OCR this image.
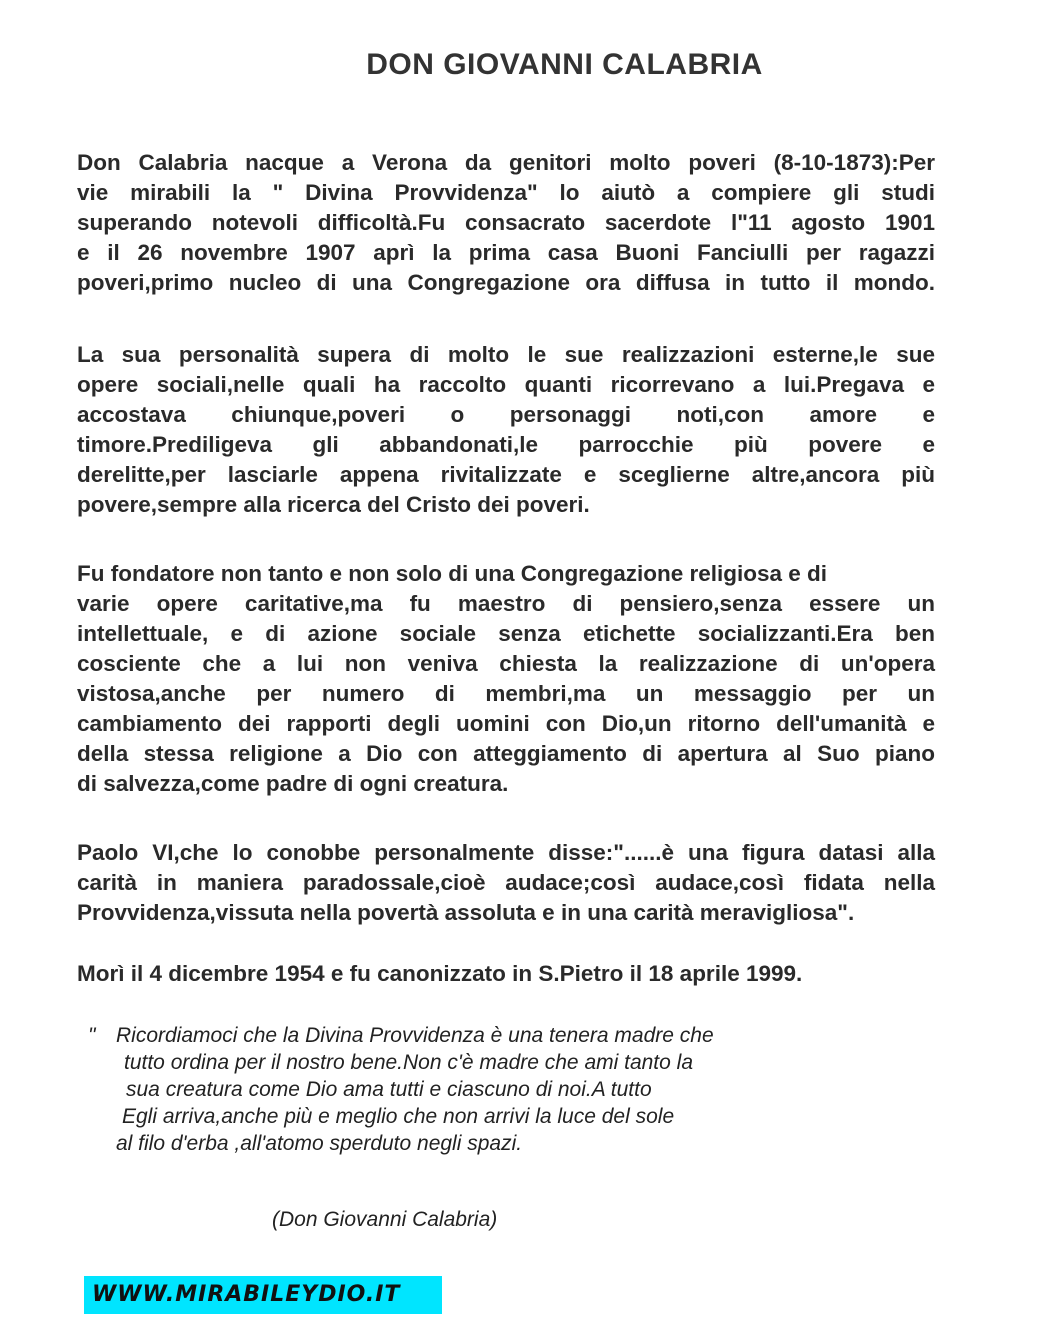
DON GIOVANNI CALABRIA
Don Calabria nacque a Verona da genitori molto poveri (8-10-1873):Per
vie mirabili la " Divina Provvidenza" lo aiutò a compiere gli studi
superando notevoli difficoltà.Fu consacrato sacerdote l"11 agosto 1901
e il 26 novembre 1907 aprì la prima casa Buoni Fanciulli per ragazzi
poveri,primo nucleo di una Congregazione ora diffusa in tutto il mondo.
La sua personalità supera di molto le sue realizzazioni esterne,le sue
opere sociali,nelle quali ha raccolto quanti ricorrevano a lui.Pregava e
accostava chiunque,poveri o personaggi noti,con amore e
timore.Prediligeva gli abbandonati,le parrocchie più povere e
derelitte,per lasciarle appena rivitalizzate e sceglierne altre,ancora più
povere,sempre alla ricerca del Cristo dei poveri.
Fu fondatore non tanto e non solo di una Congregazione religiosa e di
varie opere caritative,ma fu maestro di pensiero,senza essere un
intellettuale, e di azione sociale senza etichette socializzanti.Era ben
cosciente che a lui non veniva chiesta la realizzazione di un'opera
vistosa,anche per numero di membri,ma un messaggio per un
cambiamento dei rapporti degli uomini con Dio,un ritorno dell'umanità e
della stessa religione a Dio con atteggiamento di apertura al Suo piano
di salvezza,come padre di ogni creatura.
Paolo VI,che lo conobbe personalmente disse:"......è una figura datasi alla
carità in maniera paradossale,cioè audace;così audace,così fidata nella
Provvidenza,vissuta nella povertà assoluta e in una carità meravigliosa".
Morì il 4 dicembre 1954 e fu canonizzato in S.Pietro il 18 aprile 1999.
" Ricordiamoci che la Divina Provvidenza è una tenera madre che
tutto ordina per il nostro bene.Non c'è madre che ami tanto la
sua creatura come Dio ama tutti e ciascuno di noi.A tutto
Egli arriva,anche più e meglio che non arrivi la luce del sole
al filo d'erba ,all'atomo sperduto negli spazi.
(Don Giovanni Calabria)
WWW.MIRABILEYDIO.IT
